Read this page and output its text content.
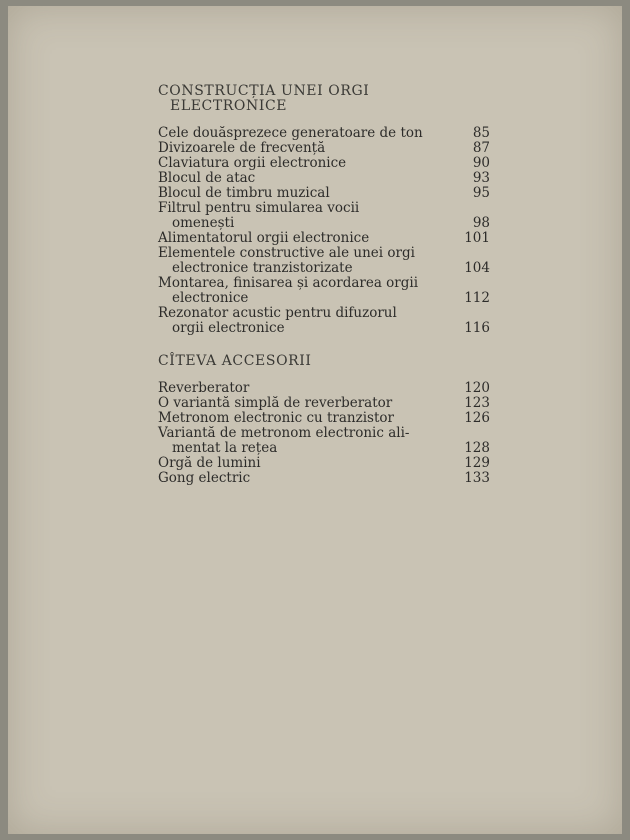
CONSTRUCȚIA UNEI ORGI
ELECTRONICE
Cele douăsprezece generatoare de ton	85
Divizoarele de frecvență	87
Claviatura orgii electronice	90
Blocul de atac	93
Blocul de timbru muzical	95
Filtrul pentru simularea vocii
omenești	98
Alimentatorul orgii electronice	101
Elementele constructive ale unei orgi
electronice tranzistorizate	104
Montarea, finisarea și acordarea orgii
electronice	112
Rezonator acustic pentru difuzorul
orgii electronice	116
CÎTEVA ACCESORII
Reverberator	120
O variantă simplă de reverberator	123
Metronom electronic cu tranzistor	126
Variantă de metronom electronic ali-
mentat la rețea	128
Orgă de lumini	129
Gong electric	133
